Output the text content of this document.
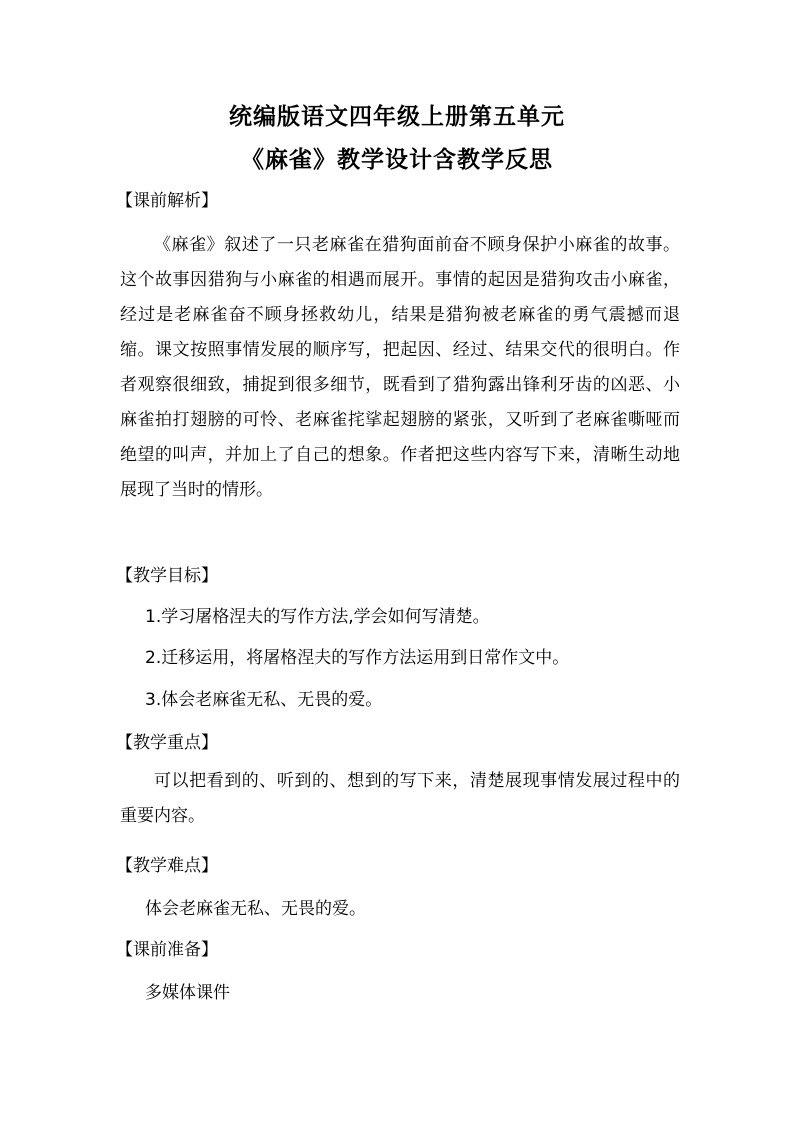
统编版语文四年级上册第五单元
《麻雀》教学设计含教学反思

【课前解析】

《麻雀》叙述了一只老麻雀在猎狗面前奋不顾身保护小麻雀的故事。这个故事因猎狗与小麻雀的相遇而展开。事情的起因是猎狗攻击小麻雀，经过是老麻雀奋不顾身拯救幼儿，结果是猎狗被老麻雀的勇气震撼而退缩。课文按照事情发展的顺序写，把起因、经过、结果交代的很明白。作者观察很细致，捕捉到很多细节，既看到了猎狗露出锋利牙齿的凶恶、小麻雀拍打翅膀的可怜、老麻雀挓挲起翅膀的紧张，又听到了老麻雀嘶哑而绝望的叫声，并加上了自己的想象。作者把这些内容写下来，清晰生动地展现了当时的情形。

【教学目标】

1.学习屠格涅夫的写作方法,学会如何写清楚。

2.迁移运用，将屠格涅夫的写作方法运用到日常作文中。

3.体会老麻雀无私、无畏的爱。

【教学重点】

可以把看到的、听到的、想到的写下来，清楚展现事情发展过程中的重要内容。

【教学难点】

体会老麻雀无私、无畏的爱。

【课前准备】

多媒体课件
